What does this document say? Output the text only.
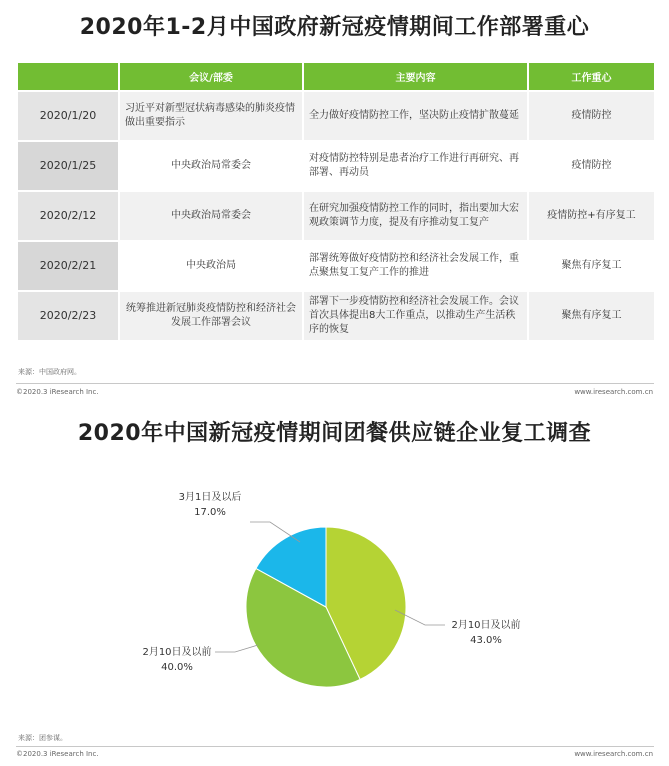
2020年1-2月中国政府新冠疫情期间工作部署重心
	会议/部委	主要内容	工作重心
2020/1/20	习近平对新型冠状病毒感染的肺炎疫情做出重要指示	全力做好疫情防控工作，坚决防止疫情扩散蔓延	疫情防控
2020/1/25	中央政治局常委会	对疫情防控特别是患者治疗工作进行再研究、再部署、再动员	疫情防控
2020/2/12	中央政治局常委会	在研究加强疫情防控工作的同时，指出要加大宏观政策调节力度，提及有序推动复工复产	疫情防控+有序复工
2020/2/21	中央政治局	部署统筹做好疫情防控和经济社会发展工作，重点聚焦复工复产工作的推进	聚焦有序复工
2020/2/23	统筹推进新冠肺炎疫情防控和经济社会发展工作部署会议	部署下一步疫情防控和经济社会发展工作。会议首次具体提出8大工作重点，以推动生产生活秩序的恢复	聚焦有序复工
来源：中国政府网。
©2020.3 iResearch Inc.	www.iresearch.com.cn
2020年中国新冠疫情期间团餐供应链企业复工调查
2月10日及以前
43.0%
2月10日及以前
40.0%
3月1日及以后
17.0%
来源：团参谋。
©2020.3 iResearch Inc.	www.iresearch.com.cn
